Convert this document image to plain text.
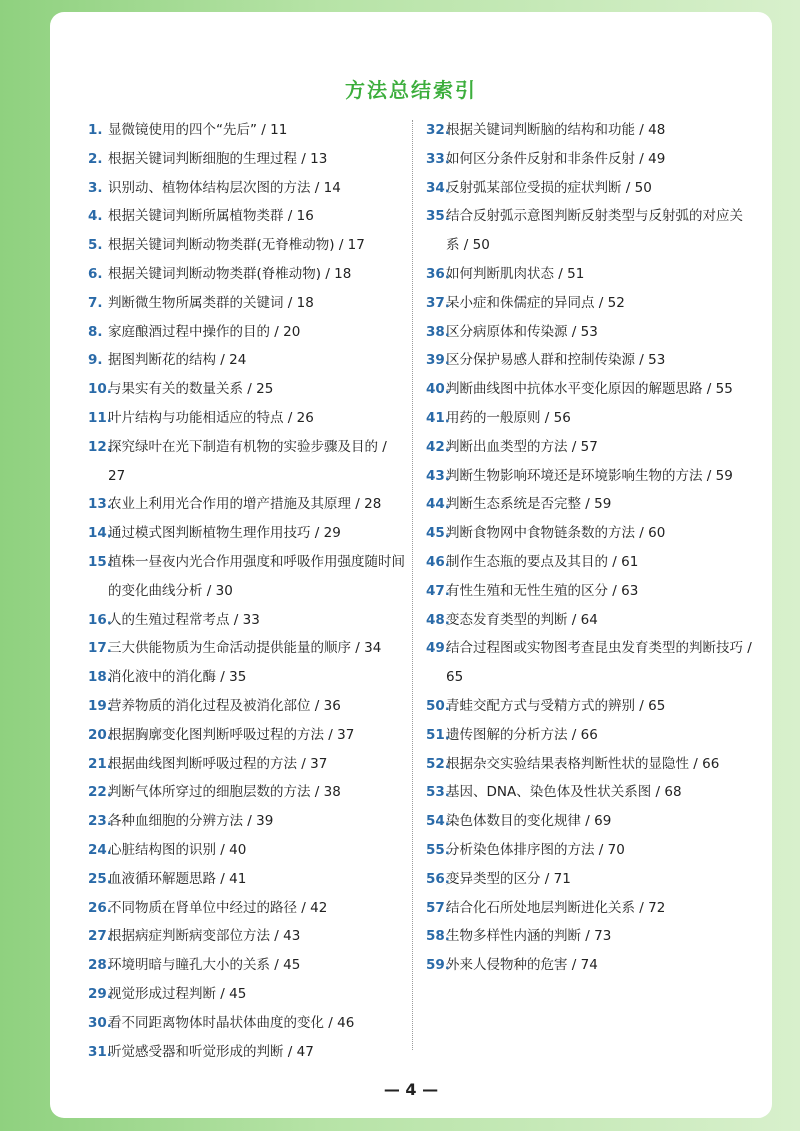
方法总结索引
1. 显微镜使用的四个“先后” / 11
2. 根据关键词判断细胞的生理过程 / 13
3. 识别动、植物体结构层次图的方法 / 14
4. 根据关键词判断所属植物类群 / 16
5. 根据关键词判断动物类群(无脊椎动物) / 17
6. 根据关键词判断动物类群(脊椎动物) / 18
7. 判断微生物所属类群的关键词 / 18
8. 家庭酿酒过程中操作的目的 / 20
9. 据图判断花的结构 / 24
10.
与果实有关的数量关系 / 25
11.
叶片结构与功能相适应的特点 / 26
12.
探究绿叶在光下制造有机物的实验步骤及目的 / 27
13.
农业上利用光合作用的增产措施及其原理 / 28
14.
通过模式图判断植物生理作用技巧 / 29
15.
植株一昼夜内光合作用强度和呼吸作用强度随时间的变化曲线分析 / 30
16.
人的生殖过程常考点 / 33
17.
三大供能物质为生命活动提供能量的顺序 / 34
18.
消化液中的消化酶 / 35
19.
营养物质的消化过程及被消化部位 / 36
20.
根据胸廓变化图判断呼吸过程的方法 / 37
21.
根据曲线图判断呼吸过程的方法 / 37
22.
判断气体所穿过的细胞层数的方法 / 38
23.
各种血细胞的分辨方法 / 39
24.
心脏结构图的识别 / 40
25.
血液循环解题思路 / 41
26.
不同物质在肾单位中经过的路径 / 42
27.
根据病症判断病变部位方法 / 43
28.
环境明暗与瞳孔大小的关系 / 45
29.
视觉形成过程判断 / 45
30.
看不同距离物体时晶状体曲度的变化 / 46
31.
听觉感受器和听觉形成的判断 / 47
32.
根据关键词判断脑的结构和功能 / 48
33.
如何区分条件反射和非条件反射 / 49
34.
反射弧某部位受损的症状判断 / 50
35.
结合反射弧示意图判断反射类型与反射弧的对应关系 / 50
36.
如何判断肌肉状态 / 51
37.
呆小症和侏儒症的异同点 / 52
38.
区分病原体和传染源 / 53
39.
区分保护易感人群和控制传染源 / 53
40.
判断曲线图中抗体水平变化原因的解题思路 / 55
41.
用药的一般原则 / 56
42.
判断出血类型的方法 / 57
43.
判断生物影响环境还是环境影响生物的方法 / 59
44.
判断生态系统是否完整 / 59
45.
判断食物网中食物链条数的方法 / 60
46.
制作生态瓶的要点及其目的 / 61
47.
有性生殖和无性生殖的区分 / 63
48.
变态发育类型的判断 / 64
49.
结合过程图或实物图考查昆虫发育类型的判断技巧 / 65
50.
青蛙交配方式与受精方式的辨别 / 65
51.
遗传图解的分析方法 / 66
52.
根据杂交实验结果表格判断性状的显隐性 / 66
53.
基因、DNA、染色体及性状关系图 / 68
54.
染色体数目的变化规律 / 69
55.
分析染色体排序图的方法 / 70
56.
变异类型的区分 / 71
57.
结合化石所处地层判断进化关系 / 72
58.
生物多样性内涵的判断 / 73
59.
外来人侵物种的危害 / 74
— 4 —
